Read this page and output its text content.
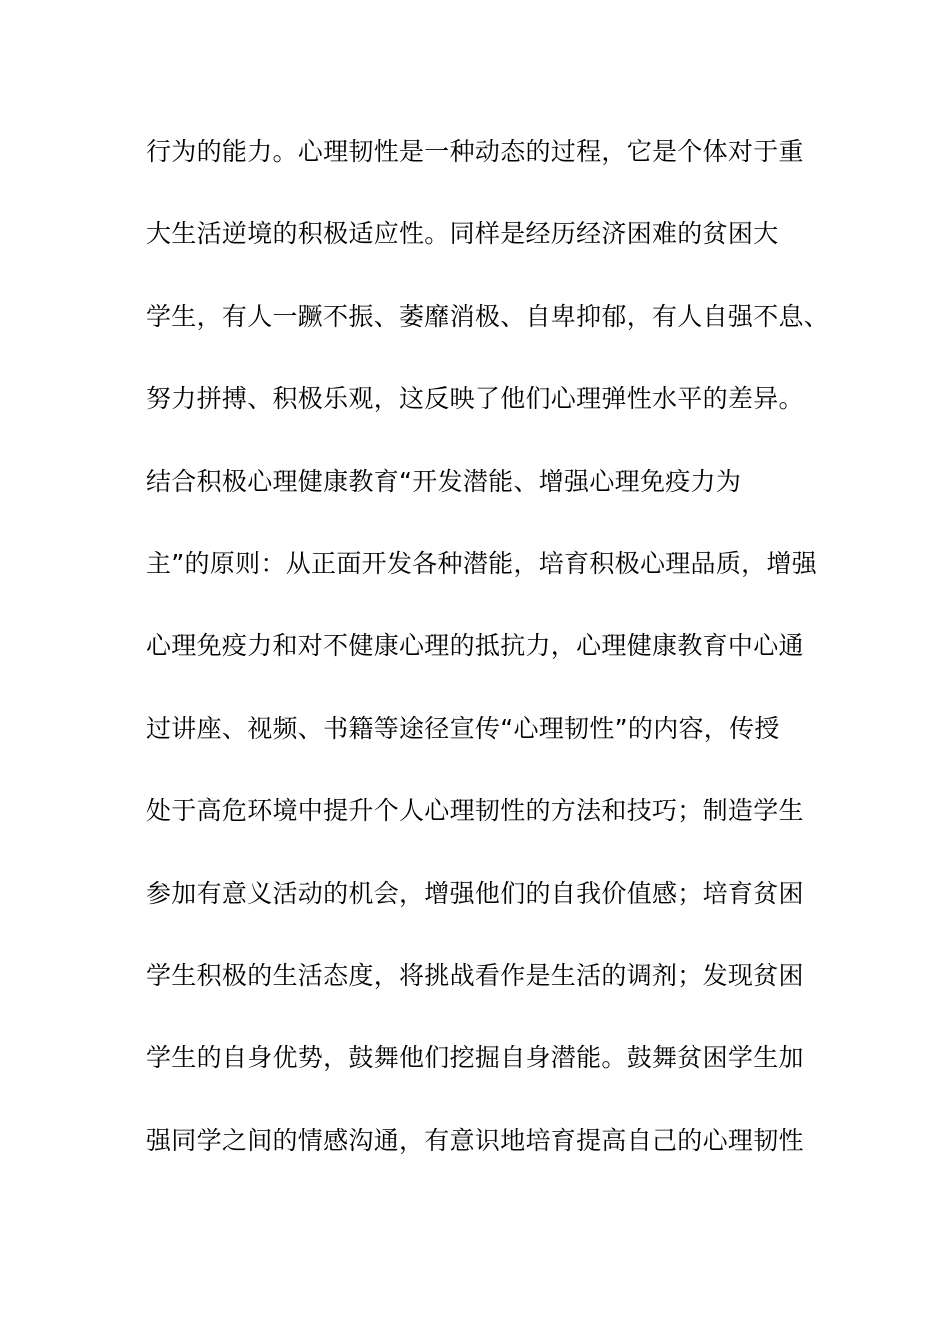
行为的能力。心理韧性是一种动态的过程，它是个体对于重
大生活逆境的积极适应性。同样是经历经济困难的贫困大
学生，有人一蹶不振、萎靡消极、自卑抑郁，有人自强不息、
努力拼搏、积极乐观，这反映了他们心理弹性水平的差异。
结合积极心理健康教育“开发潜能、增强心理免疫力为
主”的原则：从正面开发各种潜能，培育积极心理品质，增强
心理免疫力和对不健康心理的抵抗力，心理健康教育中心通
过讲座、视频、书籍等途径宣传“心理韧性”的内容，传授
处于高危环境中提升个人心理韧性的方法和技巧；制造学生
参加有意义活动的机会，增强他们的自我价值感；培育贫困
学生积极的生活态度，将挑战看作是生活的调剂；发现贫困
学生的自身优势，鼓舞他们挖掘自身潜能。鼓舞贫困学生加
强同学之间的情感沟通，有意识地培育提高自己的心理韧性
